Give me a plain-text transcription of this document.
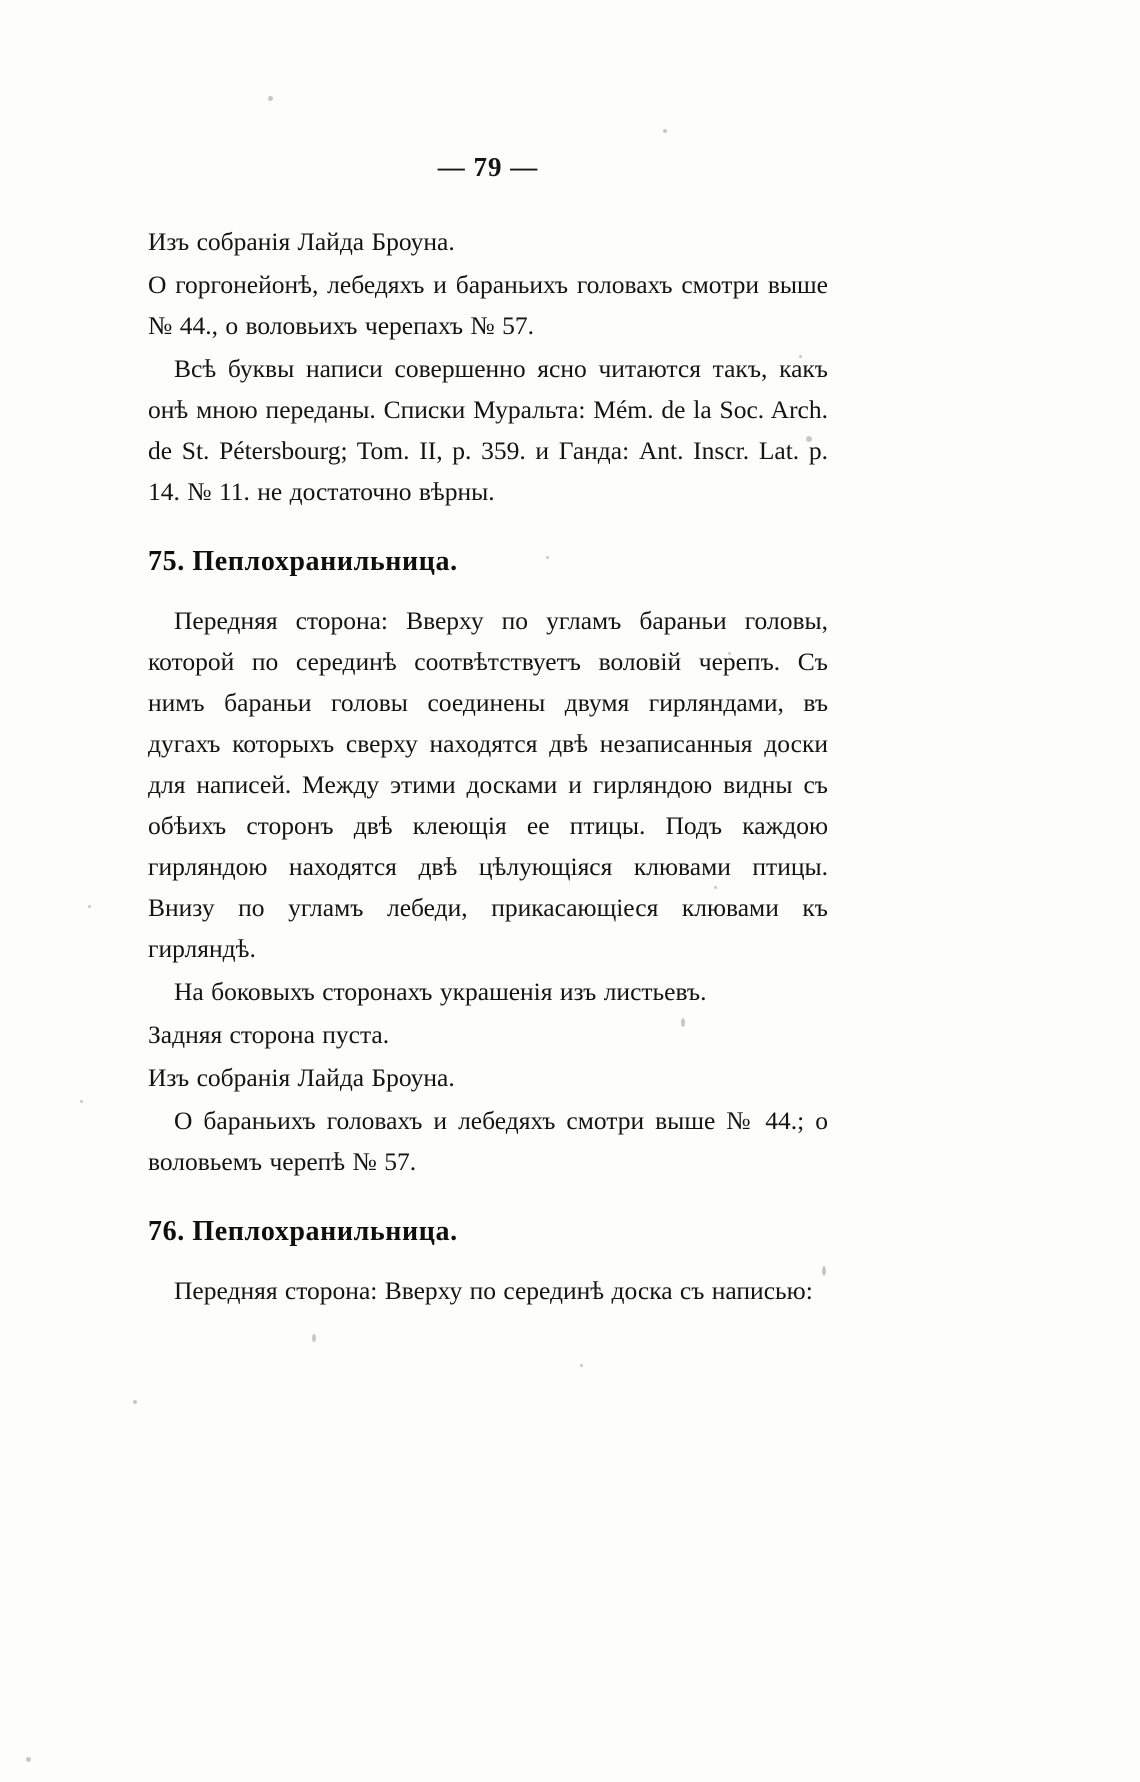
— 79 —

Изъ собранія Лайда Броуна.

О горгонейонѣ, лебедяхъ и бараньихъ головахъ смотри выше № 44., о воловьихъ черепахъ № 57.

Всѣ буквы написи совершенно ясно читаются такъ, какъ онѣ мною переданы. Списки Муральта: Mém. de la Soc. Arch. de St. Pétersbourg; Tom. II, p. 359. и Ганда: Ant. Inscr. Lat. p. 14. № 11. не достаточно вѣрны.

75. Пеплохранильница.

Передняя сторона: Вверху по угламъ бараньи головы, которой по серединѣ соотвѣтствуетъ воловій черепъ. Съ нимъ бараньи головы соединены двумя гирляндами, въ дугахъ которыхъ сверху находятся двѣ незаписанныя доски для написей. Между этими досками и гирляндою видны съ обѣихъ сторонъ двѣ клеющія ее птицы. Подъ каждою гирляндою находятся двѣ цѣлующіяся клювами птицы. Внизу по угламъ лебеди, прикасающіеся клювами къ гирляндѣ.

На боковыхъ сторонахъ украшенія изъ листьевъ.

Задняя сторона пуста.

Изъ собранія Лайда Броуна.

О бараньихъ головахъ и лебедяхъ смотри выше № 44.; о воловьемъ черепѣ № 57.

76. Пеплохранильница.

Передняя сторона: Вверху по серединѣ доска съ написью:
